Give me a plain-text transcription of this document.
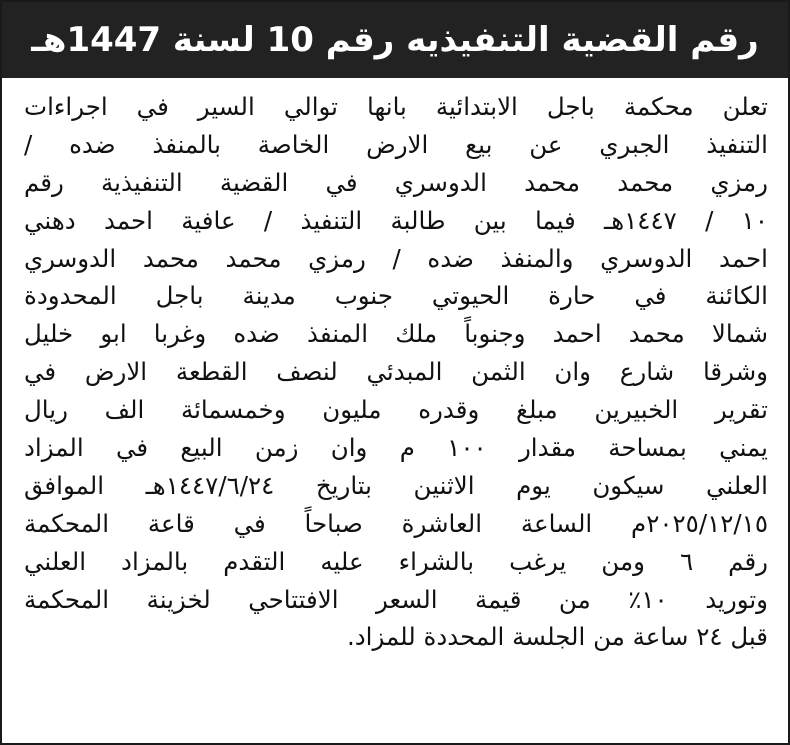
رقم القضية التنفيذيه رقم 10 لسنة 1447هـ
تعلن محكمة باجل الابتدائية بانها توالي السير في اجراءات
التنفيذ الجبري عن بيع الارض الخاصة بالمنفذ ضده /
رمزي محمد محمد الدوسري في القضية التنفيذية رقم
١٠ / ١٤٤٧هـ فيما بين طالبة التنفيذ / عافية احمد دهني
احمد الدوسري والمنفذ ضده / رمزي محمد محمد الدوسري
الكائنة في حارة الحيوتي جنوب مدينة باجل المحدودة
شمالا محمد احمد وجنوباً ملك المنفذ ضده وغربا ابو خليل
وشرقا شارع وان الثمن المبدئي لنصف القطعة الارض في
تقرير الخبيرين مبلغ وقدره مليون وخمسمائة الف ريال
يمني بمساحة مقدار ١٠٠ م وان زمن البيع في المزاد
العلني سيكون يوم الاثنين بتاريخ ١٤٤٧/٦/٢٤هـ الموافق
٢٠٢٥/١٢/١٥م الساعة العاشرة صباحاً في قاعة المحكمة
رقم ٦ ومن يرغب بالشراء عليه التقدم بالمزاد العلني
وتوريد ١٠٪ من قيمة السعر الافتتاحي لخزينة المحكمة
قبل ٢٤ ساعة من الجلسة المحددة للمزاد.
